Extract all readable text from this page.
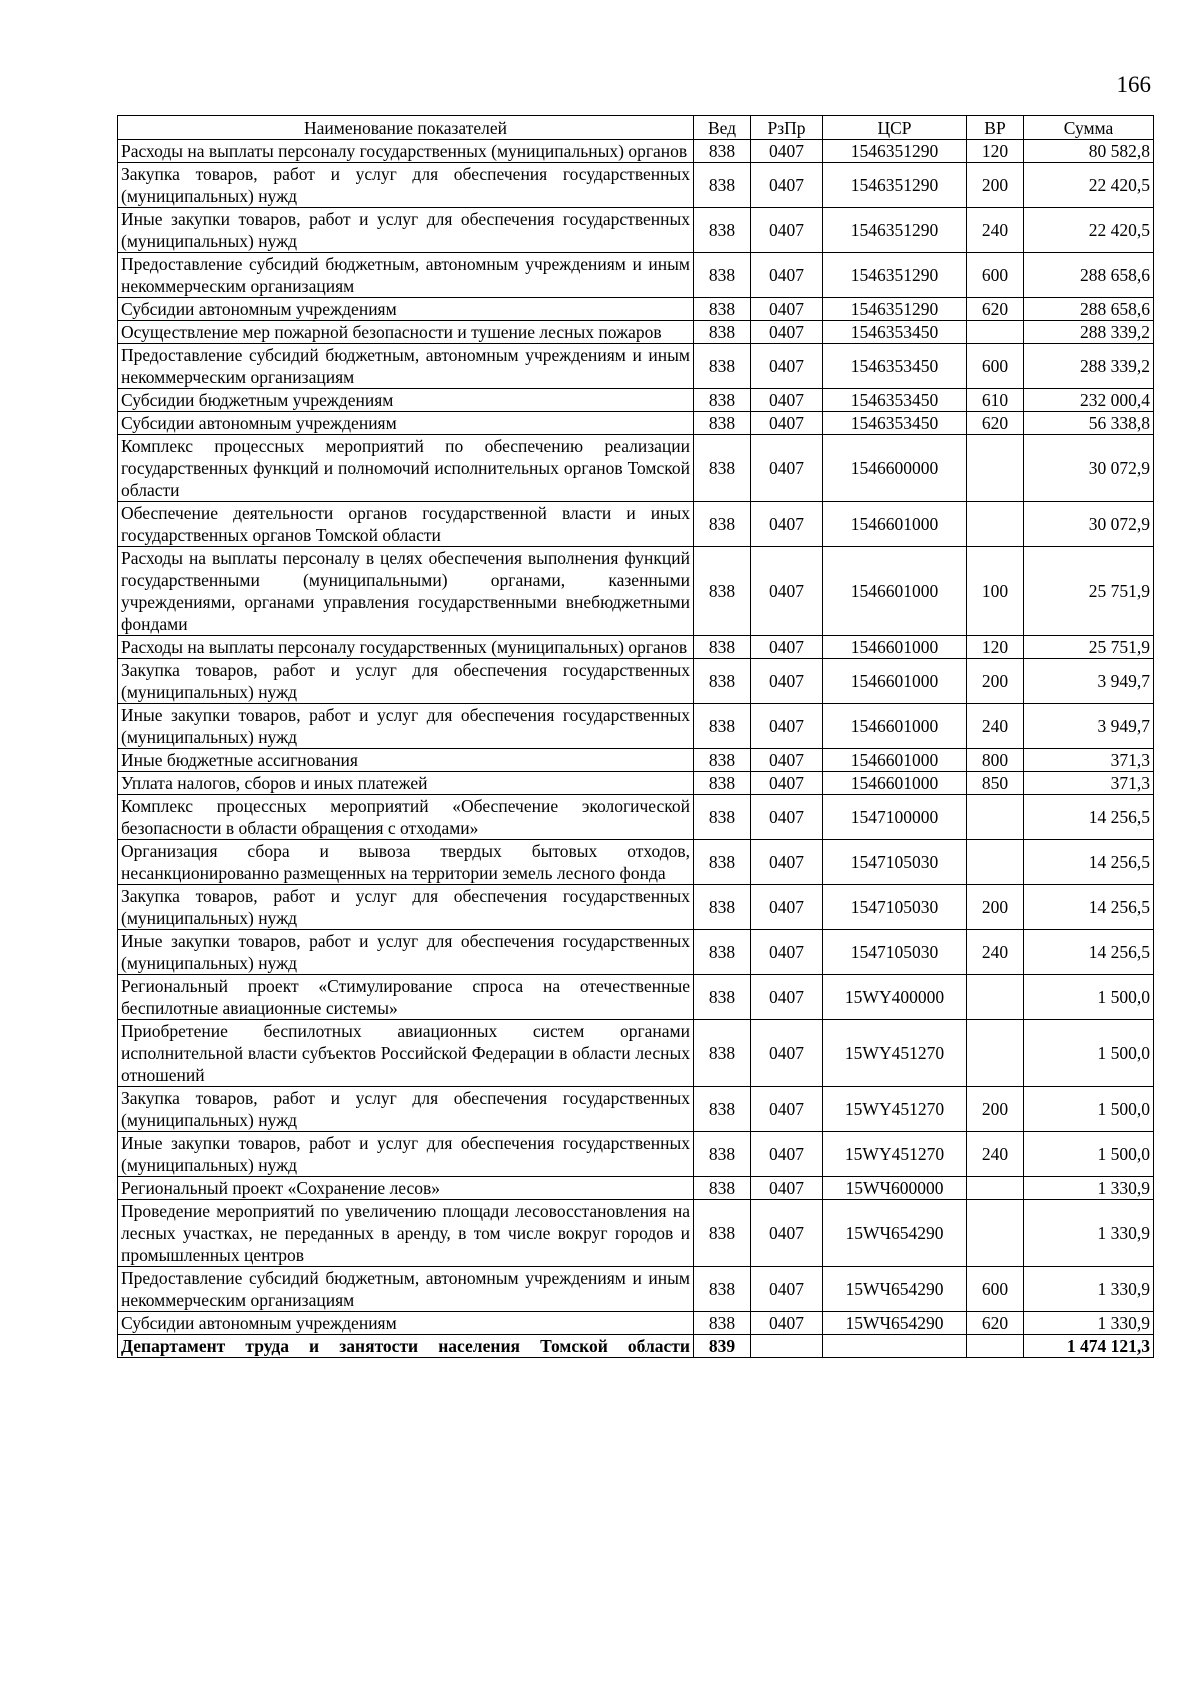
166
Наименование показателей	Вед	РзПр	ЦСР	ВР	Сумма
Расходы на выплаты персоналу государственных (муниципальных) органов	838	0407	1546351290	120	80 582,8
Закупка товаров, работ и услуг для обеспечения государственных (муниципальных) нужд	838	0407	1546351290	200	22 420,5
Иные закупки товаров, работ и услуг для обеспечения государственных (муниципальных) нужд	838	0407	1546351290	240	22 420,5
Предоставление субсидий бюджетным, автономным учреждениям и иным некоммерческим организациям	838	0407	1546351290	600	288 658,6
Субсидии автономным учреждениям	838	0407	1546351290	620	288 658,6
Осуществление мер пожарной безопасности и тушение лесных пожаров	838	0407	1546353450		288 339,2
Предоставление субсидий бюджетным, автономным учреждениям и иным некоммерческим организациям	838	0407	1546353450	600	288 339,2
Субсидии бюджетным учреждениям	838	0407	1546353450	610	232 000,4
Субсидии автономным учреждениям	838	0407	1546353450	620	56 338,8
Комплекс процессных мероприятий по обеспечению реализации государственных функций и полномочий исполнительных органов Томской области	838	0407	1546600000		30 072,9
Обеспечение деятельности органов государственной власти и иных государственных органов Томской области	838	0407	1546601000		30 072,9
Расходы на выплаты персоналу в целях обеспечения выполнения функций государственными (муниципальными) органами, казенными учреждениями, органами управления государственными внебюджетными фондами	838	0407	1546601000	100	25 751,9
Расходы на выплаты персоналу государственных (муниципальных) органов	838	0407	1546601000	120	25 751,9
Закупка товаров, работ и услуг для обеспечения государственных (муниципальных) нужд	838	0407	1546601000	200	3 949,7
Иные закупки товаров, работ и услуг для обеспечения государственных (муниципальных) нужд	838	0407	1546601000	240	3 949,7
Иные бюджетные ассигнования	838	0407	1546601000	800	371,3
Уплата налогов, сборов и иных платежей	838	0407	1546601000	850	371,3
Комплекс процессных мероприятий «Обеспечение экологической безопасности в области обращения с отходами»	838	0407	1547100000		14 256,5
Организация сбора и вывоза твердых бытовых отходов, несанкционированно размещенных на территории земель лесного фонда	838	0407	1547105030		14 256,5
Закупка товаров, работ и услуг для обеспечения государственных (муниципальных) нужд	838	0407	1547105030	200	14 256,5
Иные закупки товаров, работ и услуг для обеспечения государственных (муниципальных) нужд	838	0407	1547105030	240	14 256,5
Региональный проект «Стимулирование спроса на отечественные беспилотные авиационные системы»	838	0407	15WY400000		1 500,0
Приобретение беспилотных авиационных систем органами исполнительной власти субъектов Российской Федерации в области лесных отношений	838	0407	15WY451270		1 500,0
Закупка товаров, работ и услуг для обеспечения государственных (муниципальных) нужд	838	0407	15WY451270	200	1 500,0
Иные закупки товаров, работ и услуг для обеспечения государственных (муниципальных) нужд	838	0407	15WY451270	240	1 500,0
Региональный проект «Сохранение лесов»	838	0407	15WЧ600000		1 330,9
Проведение мероприятий по увеличению площади лесовосстановления на лесных участках, не переданных в аренду, в том числе вокруг городов и промышленных центров	838	0407	15WЧ654290		1 330,9
Предоставление субсидий бюджетным, автономным учреждениям и иным некоммерческим организациям	838	0407	15WЧ654290	600	1 330,9
Субсидии автономным учреждениям	838	0407	15WЧ654290	620	1 330,9
Департамент труда и занятости населения Томской области	839				1 474 121,3
